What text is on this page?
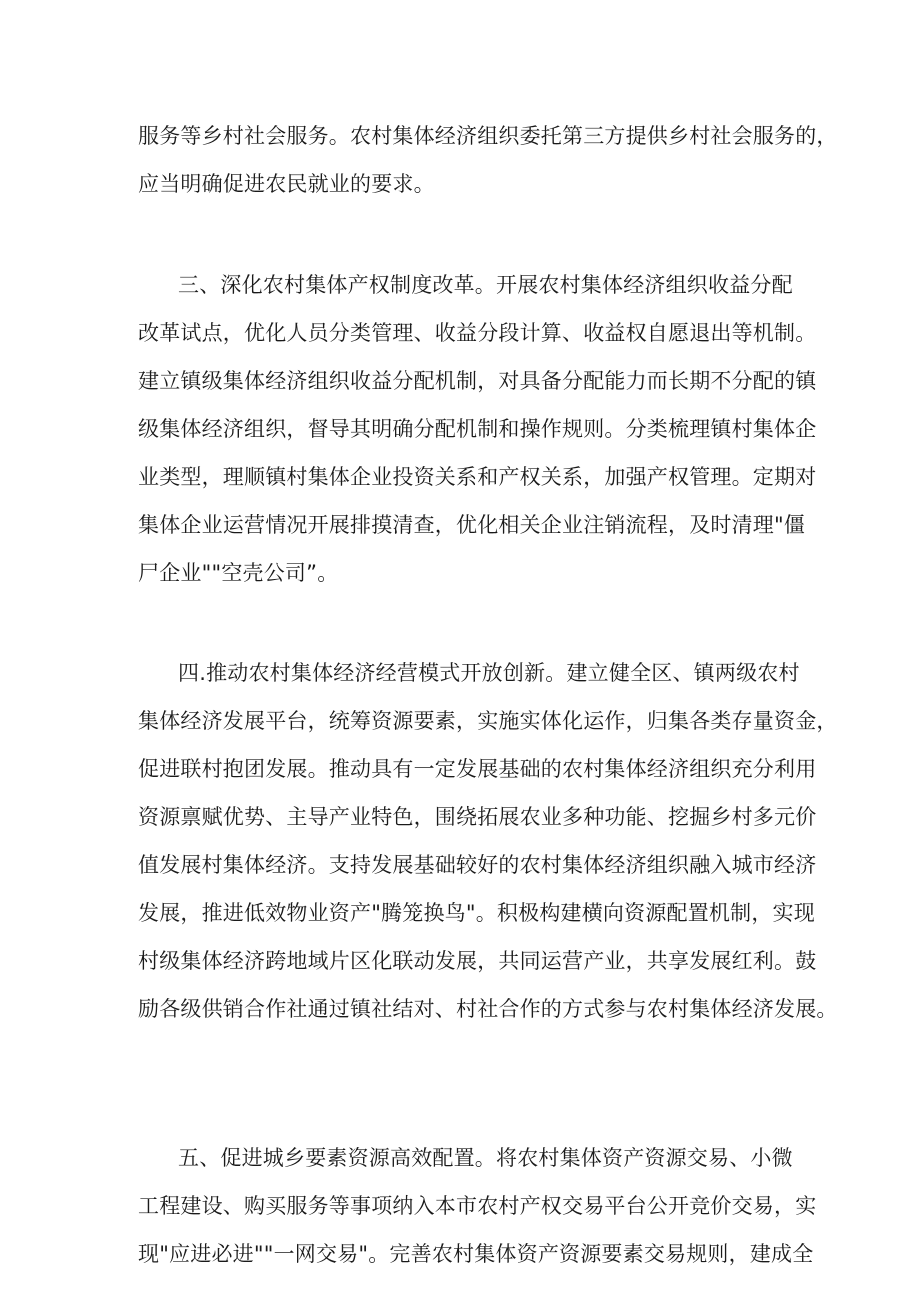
服务等乡村社会服务。农村集体经济组织委托第三方提供乡村社会服务的，
应当明确促进农民就业的要求。
三、深化农村集体产权制度改革。开展农村集体经济组织收益分配
改革试点，优化人员分类管理、收益分段计算、收益权自愿退出等机制。
建立镇级集体经济组织收益分配机制，对具备分配能力而长期不分配的镇
级集体经济组织，督导其明确分配机制和操作规则。分类梳理镇村集体企
业类型，理顺镇村集体企业投资关系和产权关系，加强产权管理。定期对
集体企业运营情况开展排摸清查，优化相关企业注销流程，及时清理"僵
尸企业""空壳公司”。
四.推动农村集体经济经营模式开放创新。建立健全区、镇两级农村
集体经济发展平台，统筹资源要素，实施实体化运作，归集各类存量资金，
促进联村抱团发展。推动具有一定发展基础的农村集体经济组织充分利用
资源禀赋优势、主导产业特色，围绕拓展农业多种功能、挖掘乡村多元价
值发展村集体经济。支持发展基础较好的农村集体经济组织融入城市经济
发展，推进低效物业资产"腾笼换鸟"。积极构建横向资源配置机制，实现
村级集体经济跨地域片区化联动发展，共同运营产业，共享发展红利。鼓
励各级供销合作社通过镇社结对、村社合作的方式参与农村集体经济发展。
五、促进城乡要素资源高效配置。将农村集体资产资源交易、小微
工程建设、购买服务等事项纳入本市农村产权交易平台公开竞价交易，实
现"应进必进""一网交易"。完善农村集体资产资源要素交易规则，建成全
